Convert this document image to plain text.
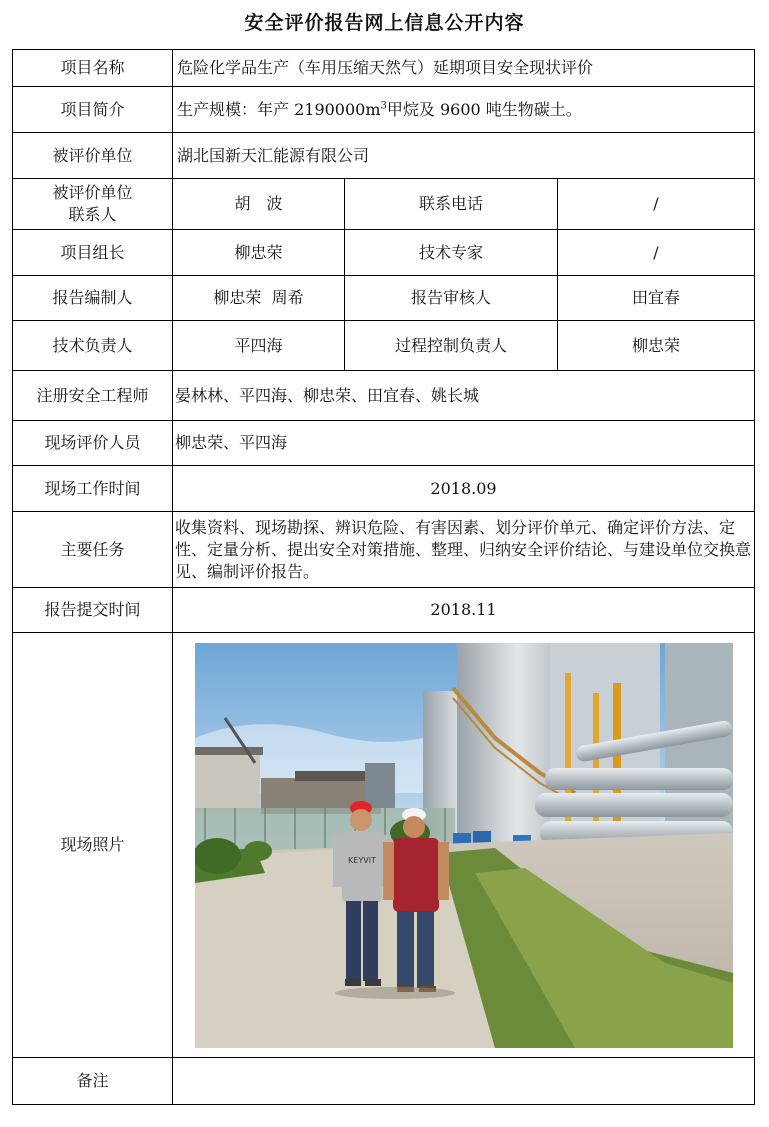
安全评价报告网上信息公开内容
项目名称	危险化学品生产（车用压缩天然气）延期项目安全现状评价		
项目简介	生产规模：年产 $2190000m^3$甲烷及 9600 吨生物碳土。		
被评价单位	湖北国新天汇能源有限公司		

被评价单位
联系人	胡　波	联系电话	/
项目组长	柳忠荣	技术专家	/
报告编制人	柳忠荣  周希	报告审核人	田宜春
技术负责人	平四海	过程控制负责人	柳忠荣
注册安全工程师	晏林林、平四海、柳忠荣、田宜春、姚长城		
现场评价人员	柳忠荣、平四海		
现场工作时间	2018.09		
主要任务	收集资料、现场勘探、辨识危险、有害因素、划分评价单元、确定评价方法、定性、定量分析、提出安全对策措施、整理、归纳安全评价结论、与建设单位交换意见、编制评价报告。		
报告提交时间	2018.11		
现场照片	KEYVIT		

备注			
